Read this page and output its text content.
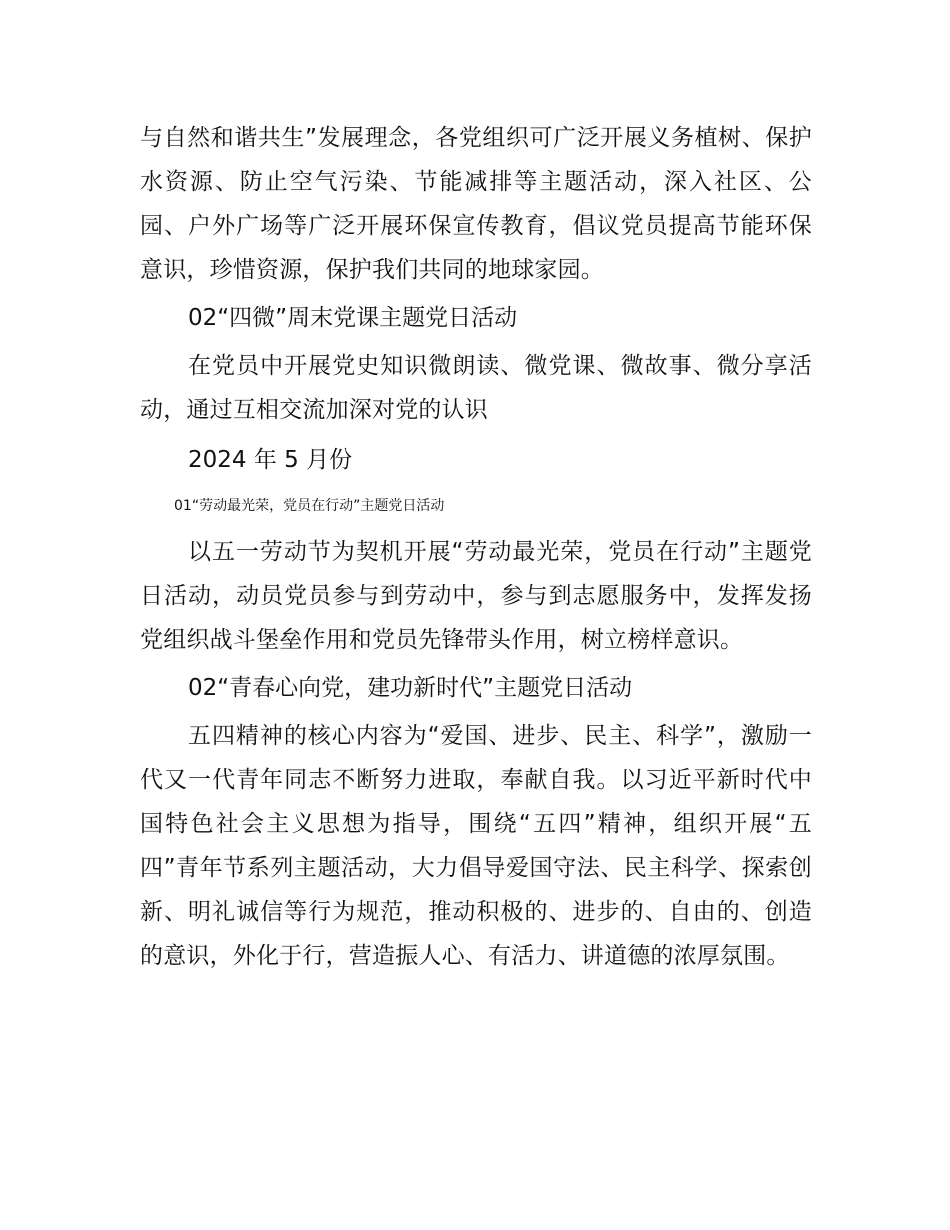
与自然和谐共生”发展理念，各党组织可广泛开展义务植树、保护水资源、防止空气污染、节能减排等主题活动，深入社区、公园、户外广场等广泛开展环保宣传教育，倡议党员提高节能环保意识，珍惜资源，保护我们共同的地球家园。

02“四微”周末党课主题党日活动

在党员中开展党史知识微朗读、微党课、微故事、微分享活动，通过互相交流加深对党的认识

2024 年 5 月份

01“劳动最光荣，党员在行动”主题党日活动

以五一劳动节为契机开展“劳动最光荣，党员在行动”主题党日活动，动员党员参与到劳动中，参与到志愿服务中，发挥发扬党组织战斗堡垒作用和党员先锋带头作用，树立榜样意识。

02“青春心向党，建功新时代”主题党日活动

五四精神的核心内容为“爱国、进步、民主、科学”，激励一代又一代青年同志不断努力进取，奉献自我。以习近平新时代中国特色社会主义思想为指导，围绕“五四”精神，组织开展“五四”青年节系列主题活动，大力倡导爱国守法、民主科学、探索创新、明礼诚信等行为规范，推动积极的、进步的、自由的、创造的意识，外化于行，营造振人心、有活力、讲道德的浓厚氛围。
